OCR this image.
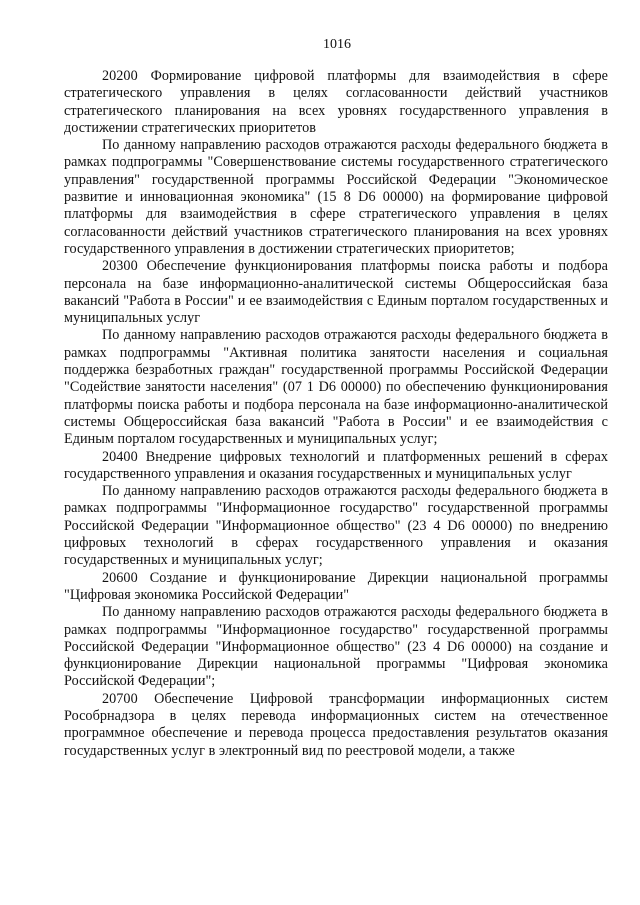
1016

20200 Формирование цифровой платформы для взаимодействия в сфере стратегического управления в целях согласованности действий участников стратегического планирования на всех уровнях государственного управления в достижении стратегических приоритетов

По данному направлению расходов отражаются расходы федерального бюджета в рамках подпрограммы "Совершенствование системы государственного стратегического управления" государственной программы Российской Федерации "Экономическое развитие и инновационная экономика" (15 8 D6 00000) на формирование цифровой платформы для взаимодействия в сфере стратегического управления в целях согласованности действий участников стратегического планирования на всех уровнях государственного управления в достижении стратегических приоритетов;

20300 Обеспечение функционирования платформы поиска работы и подбора персонала на базе информационно-аналитической системы Общероссийская база вакансий "Работа в России" и ее взаимодействия с Единым порталом государственных и муниципальных услуг

По данному направлению расходов отражаются расходы федерального бюджета в рамках подпрограммы "Активная политика занятости населения и социальная поддержка безработных граждан" государственной программы Российской Федерации "Содействие занятости населения" (07 1 D6 00000) по обеспечению функционирования платформы поиска работы и подбора персонала на базе информационно-аналитической системы Общероссийская база вакансий "Работа в России" и ее взаимодействия с Единым порталом государственных и муниципальных услуг;

20400 Внедрение цифровых технологий и платформенных решений в сферах государственного управления и оказания государственных и муниципальных услуг

По данному направлению расходов отражаются расходы федерального бюджета в рамках подпрограммы "Информационное государство" государственной программы Российской Федерации "Информационное общество" (23 4 D6 00000) по внедрению цифровых технологий в сферах государственного управления и оказания государственных и муниципальных услуг;

20600 Создание и функционирование Дирекции национальной программы "Цифровая экономика Российской Федерации"

По данному направлению расходов отражаются расходы федерального бюджета в рамках подпрограммы "Информационное государство" государственной программы Российской Федерации "Информационное общество" (23 4 D6 00000) на создание и функционирование Дирекции национальной программы "Цифровая экономика Российской Федерации";

20700 Обеспечение Цифровой трансформации информационных систем Рособрнадзора в целях перевода информационных систем на отечественное программное обеспечение и перевода процесса предоставления результатов оказания государственных услуг в электронный вид по реестровой модели, а также
